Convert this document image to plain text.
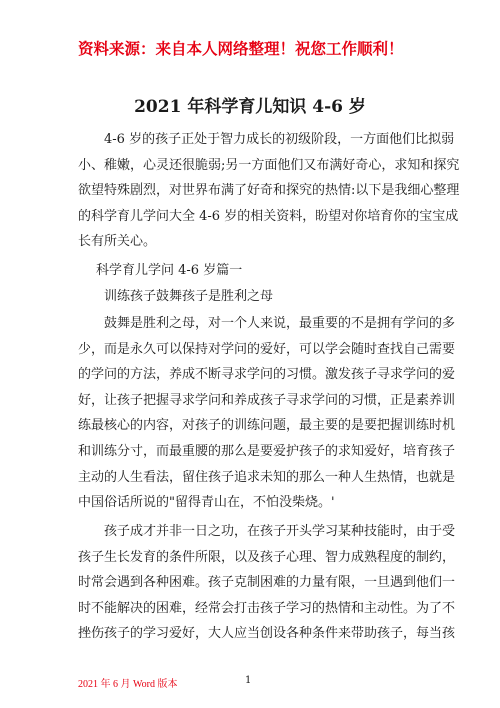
资料来源：来自本人网络整理！祝您工作顺利！
2021 年科学育儿知识 4-6 岁
4-6 岁的孩子正处于智力成长的初级阶段，一方面他们比拟弱
小、稚嫩，心灵还很脆弱;另一方面他们又布满好奇心，求知和探究
欲望特殊剧烈，对世界布满了好奇和探究的热情:以下是我细心整理
的科学育儿学问大全 4-6 岁的相关资料，盼望对你培育你的宝宝成
长有所关心。
科学育儿学问 4-6 岁篇一
训练孩子鼓舞孩子是胜利之母
鼓舞是胜利之母，对一个人来说，最重要的不是拥有学问的多
少，而是永久可以保持对学问的爱好，可以学会随时查找自己需要
的学问的方法，养成不断寻求学问的习惯。激发孩子寻求学问的爱
好，让孩子把握寻求学问和养成孩子寻求学问的习惯，正是素养训
练最核心的内容，对孩子的训练问题，最主要的是要把握训练时机
和训练分寸，而最重腰的那么是要爱护孩子的求知爱好，培育孩子
主动的人生看法，留住孩子追求未知的那么一种人生热情，也就是
中国俗话所说的"留得青山在，不怕没柴烧。'
孩子成才并非一日之功，在孩子开头学习某种技能时，由于受
孩子生长发育的条件所限，以及孩子心理、智力成熟程度的制约，
时常会遇到各种困难。孩子克制困难的力量有限，一旦遇到他们一
时不能解决的困难，经常会打击孩子学习的热情和主动性。为了不
挫伤孩子的学习爱好，大人应当创设各种条件来带助孩子，每当孩
2021 年 6 月 Word 版本	1
